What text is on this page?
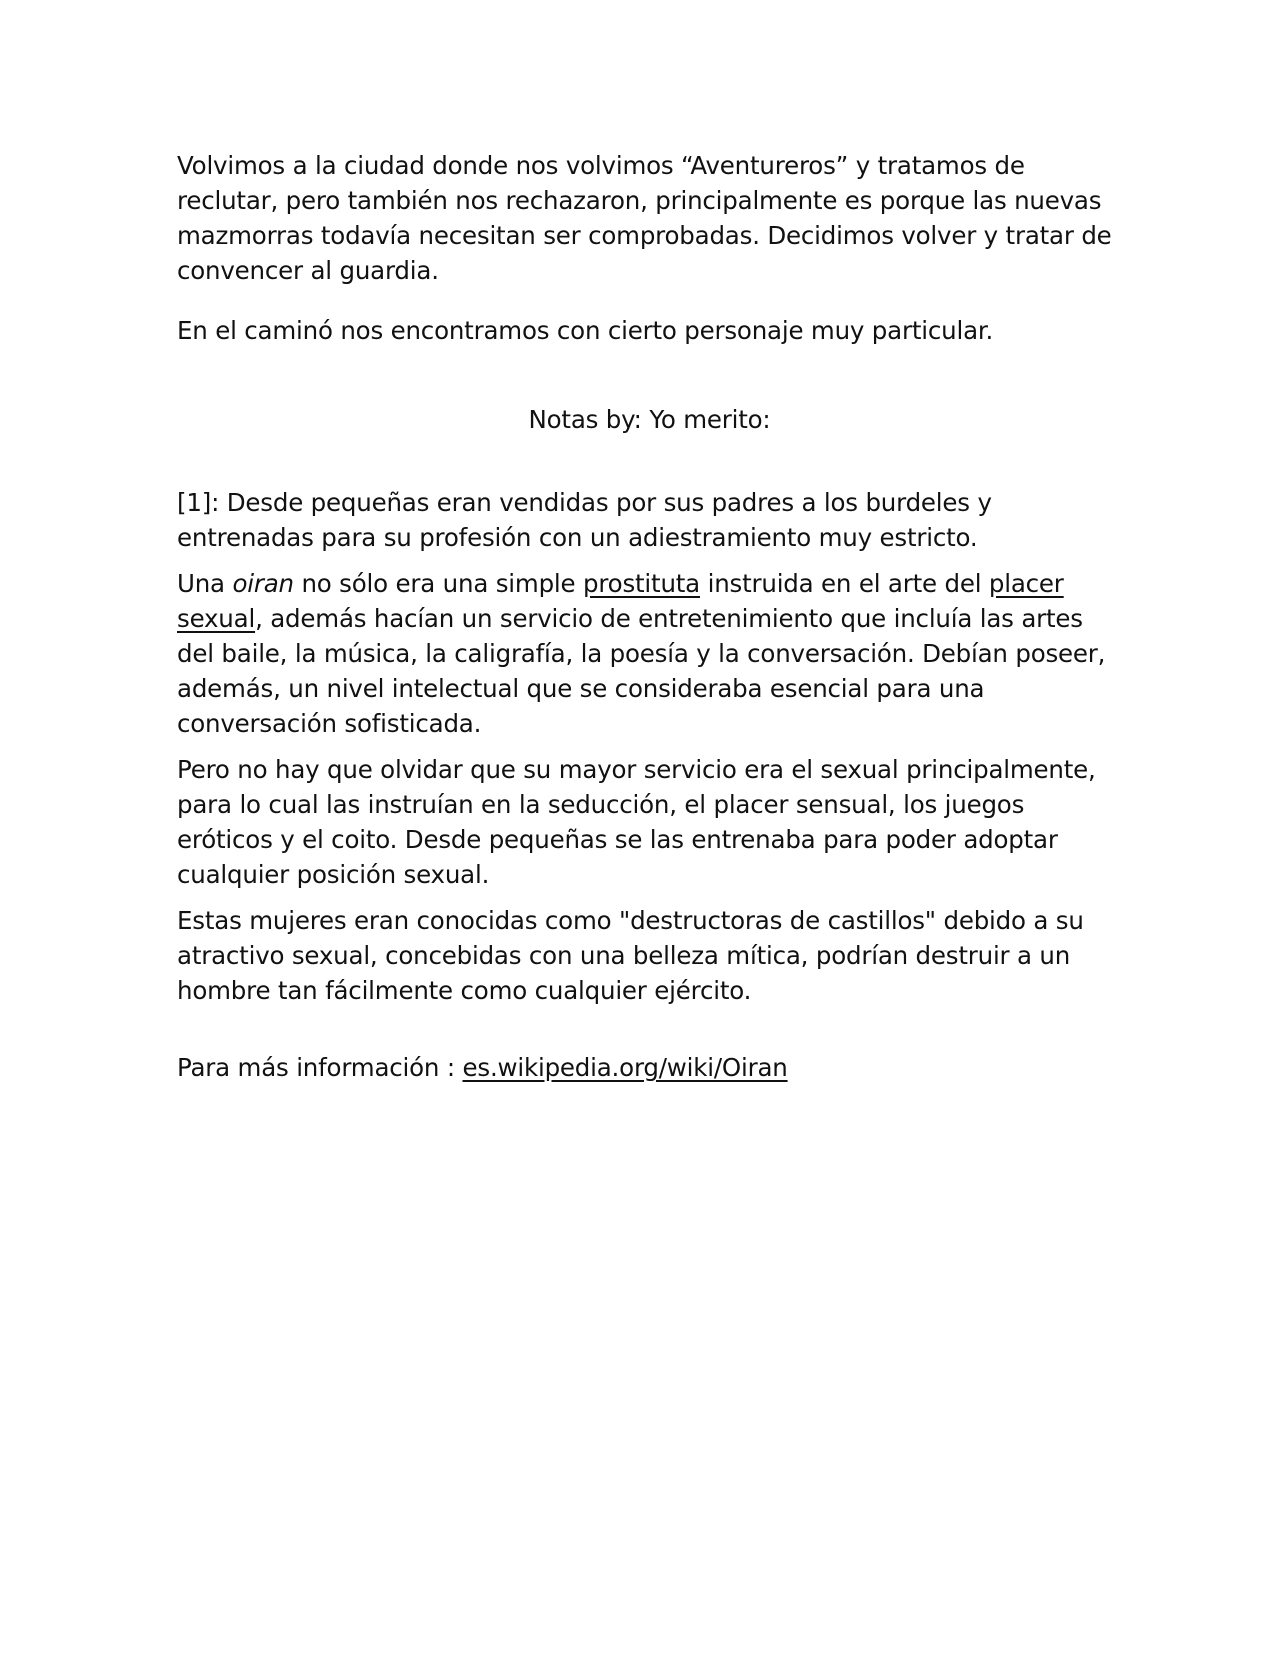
Volvimos a la ciudad donde nos volvimos “Aventureros” y tratamos de reclutar, pero también nos rechazaron, principalmente es porque las nuevas mazmorras todavía necesitan ser comprobadas. Decidimos volver y tratar de convencer al guardia.

En el caminó nos encontramos con cierto personaje muy particular.

Notas by: Yo merito:

[1]: Desde pequeñas eran vendidas por sus padres a los burdeles y entrenadas para su profesión con un adiestramiento muy estricto.

Una oiran no sólo era una simple prostituta instruida en el arte del placer sexual, además hacían un servicio de entretenimiento que incluía las artes del baile, la música, la caligrafía, la poesía y la conversación. Debían poseer, además, un nivel intelectual que se consideraba esencial para una conversación sofisticada.

Pero no hay que olvidar que su mayor servicio era el sexual principalmente, para lo cual las instruían en la seducción, el placer sensual, los juegos eróticos y el coito. Desde pequeñas se las entrenaba para poder adoptar cualquier posición sexual.

Estas mujeres eran conocidas como "destructoras de castillos" debido a su atractivo sexual, concebidas con una belleza mítica, podrían destruir a un hombre tan fácilmente como cualquier ejército.

Para más información : es.wikipedia.org/wiki/Oiran
